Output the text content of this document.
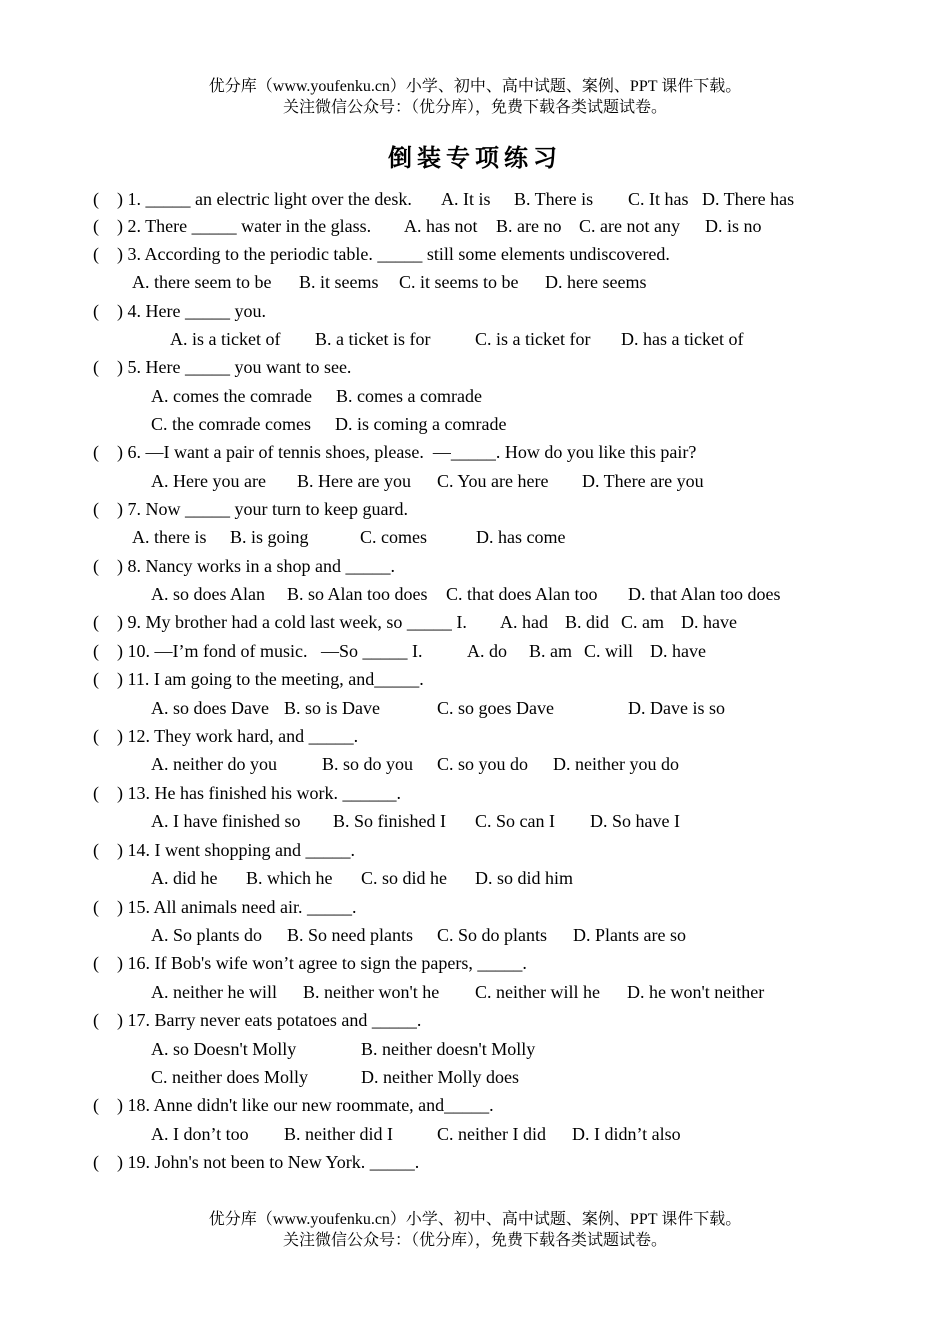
优分库（www.youfenku.cn）小学、初中、高中试题、案例、PPT 课件下载。
关注微信公众号：（优分库），免费下载各类试题试卷。
倒装专项练习

(    ) 1. _____ an electric light over the desk.

A. It is

B. There is

C. It has

D. There has

(    ) 2. There _____ water in the glass.

A. has not

B. are no

C. are not any

D. is no

(    ) 3. According to the periodic table. _____ still some elements undiscovered.

A. there seem to be

B. it seems

C. it seems to be

D. here seems

(    ) 4. Here _____ you.

A. is a ticket of

B. a ticket is for

C. is a ticket for

D. has a ticket of

(    ) 5. Here _____ you want to see.

A. comes the comrade

B. comes a comrade

C. the comrade comes

D. is coming a comrade

(    ) 6. —I want a pair of tennis shoes, please.  —_____. How do you like this pair?

A. Here you are

B. Here are you

C. You are here

D. There are you

(    ) 7. Now _____ your turn to keep guard.

A. there is

B. is going

	C. comes

	D. has come

(    ) 8. Nancy works in a shop and _____.

A. so does Alan

B. so Alan too does

C. that does Alan too

D. that Alan too does

(    ) 9. My brother had a cold last week, so _____ I.

A. had

B. did

C. am

D. have

(    ) 10. —I’m fond of music.   —So _____ I.

A. do

B. am

C. will

D. have

(    ) 11. I am going to the meeting, and_____.

A. so does Dave

B. so is Dave

	C. so goes Dave

	D. Dave is so

(    ) 12. They work hard, and _____.

A. neither do you

	B. so do you

C. so you do

D. neither you do

(    ) 13. He has finished his work. ______.

A. I have finished so

B. So finished I

C. So can I

D. So have I

(    ) 14. I went shopping and _____.

A. did he

B. which he

C. so did he

D. so did him

(    ) 15. All animals need air. _____.

A. So plants do

B. So need plants

C. So do plants

D. Plants are so

(    ) 16. If Bob's wife won’t agree to sign the papers, _____.

A. neither he will

B. neither won't he

C. neither will he

D. he won't neither

(    ) 17. Barry never eats potatoes and _____.

A. so Doesn't Molly

	B. neither doesn't Molly

C. neither does Molly

	D. neither Molly does

(    ) 18. Anne didn't like our new roommate, and_____.

A. I don’t too

B. neither did I

C. neither I did

D. I didn’t also

(    ) 19. John's not been to New York. _____.

优分库（www.youfenku.cn）小学、初中、高中试题、案例、PPT 课件下载。
关注微信公众号：（优分库），免费下载各类试题试卷。
